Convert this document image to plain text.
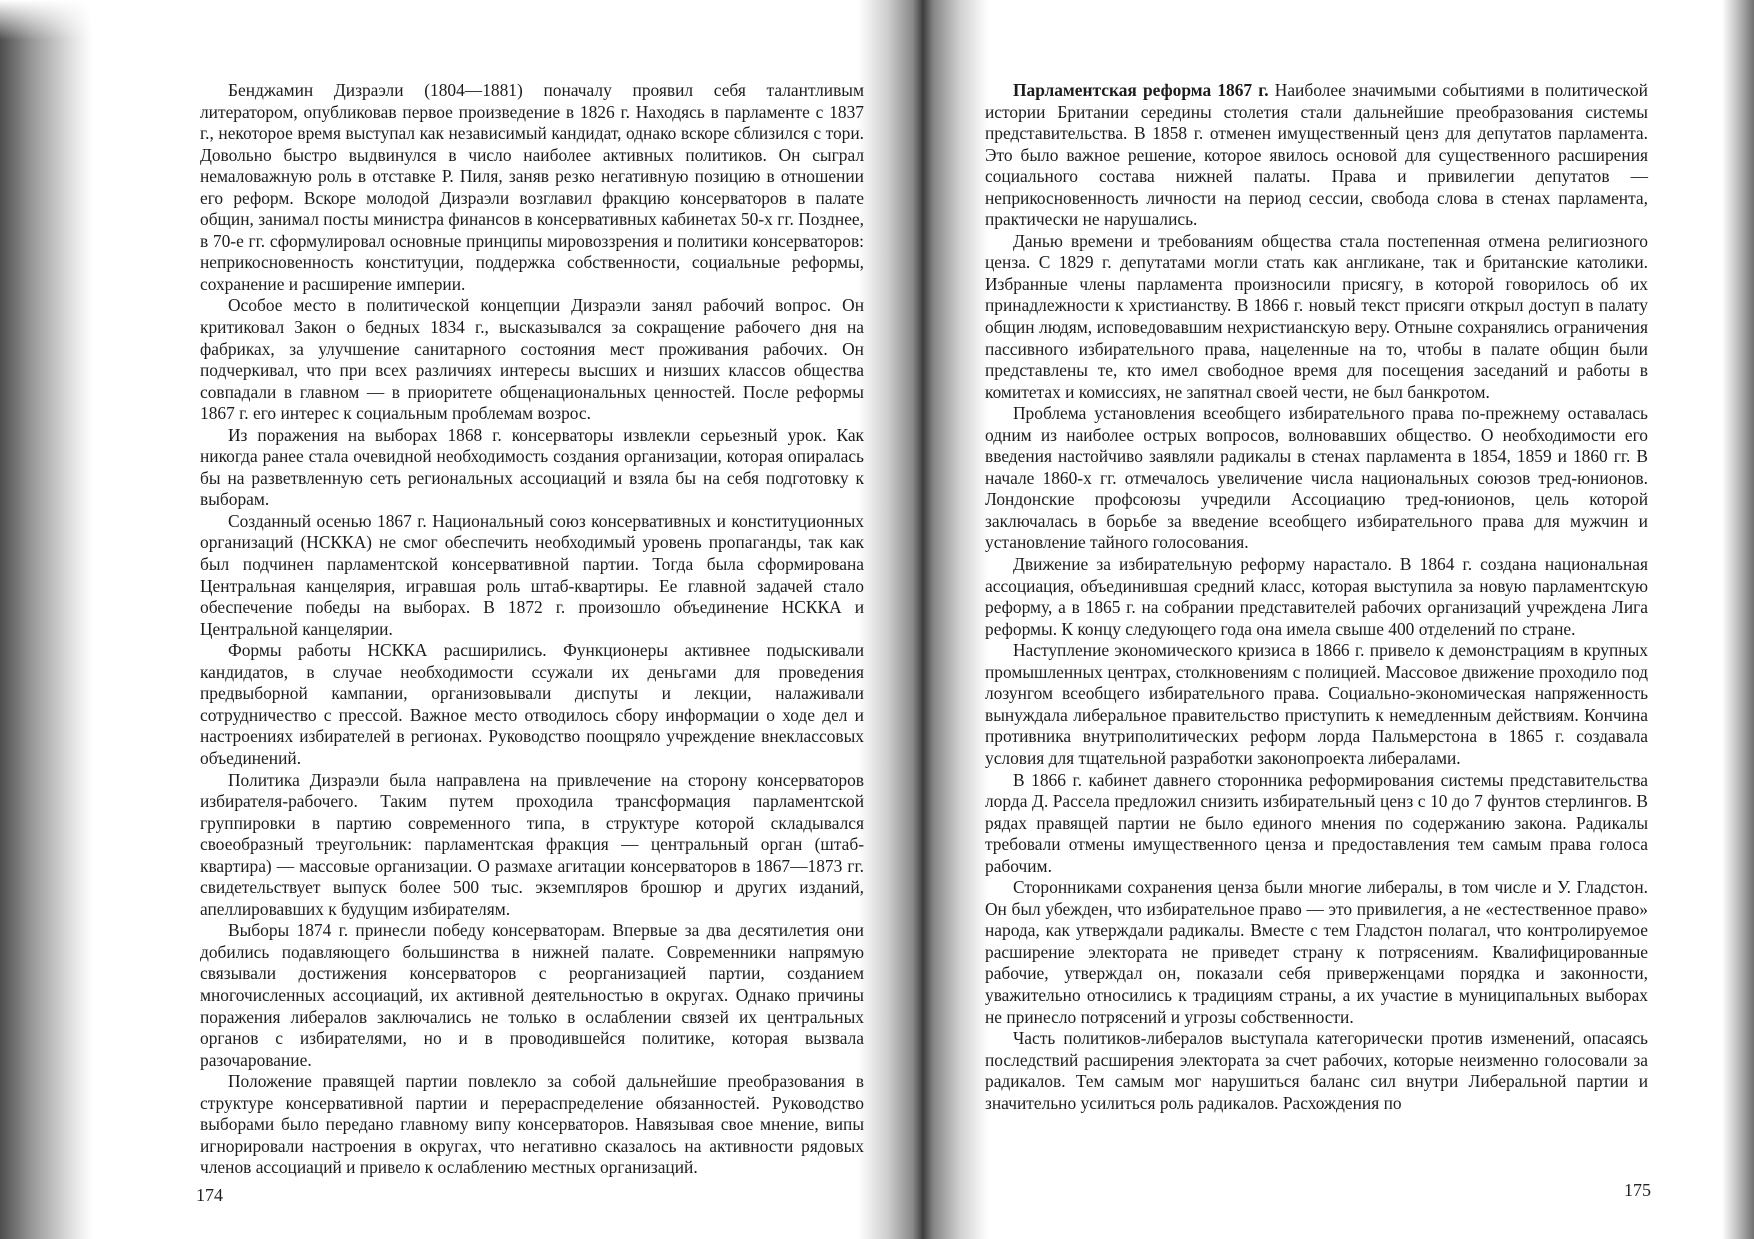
Бенджамин Дизраэли (1804—1881) поначалу проявил себя талантливым литератором, опубликовав первое произведение в 1826 г. Находясь в парламенте с 1837 г., некоторое время выступал как независимый кандидат, однако вскоре сблизился с тори. Довольно быстро выдвинулся в число наиболее активных политиков. Он сыграл немаловажную роль в отставке Р. Пиля, заняв резко негативную позицию в отношении его реформ. Вскоре молодой Дизраэли возглавил фракцию консерваторов в палате общин, занимал посты министра финансов в консервативных кабинетах 50-х гг. Позднее, в 70-е гг. сформулировал основные принципы мировоззрения и политики консерваторов: неприкосновенность конституции, поддержка собственности, социальные реформы, сохранение и расширение империи.

Особое место в политической концепции Дизраэли занял рабочий вопрос. Он критиковал Закон о бедных 1834 г., высказывался за сокращение рабочего дня на фабриках, за улучшение санитарного состояния мест проживания рабочих. Он подчеркивал, что при всех различиях интересы высших и низших классов общества совпадали в главном — в приоритете общенациональных ценностей. После реформы 1867 г. его интерес к социальным проблемам возрос.

Из поражения на выборах 1868 г. консерваторы извлекли серьезный урок. Как никогда ранее стала очевидной необходимость создания организации, которая опиралась бы на разветвленную сеть региональных ассоциаций и взяла бы на себя подготовку к выборам.

Созданный осенью 1867 г. Национальный союз консервативных и конституционных организаций (НСККА) не смог обеспечить необходимый уровень пропаганды, так как был подчинен парламентской консервативной партии. Тогда была сформирована Центральная канцелярия, игравшая роль штаб-квартиры. Ее главной задачей стало обеспечение победы на выборах. В 1872 г. произошло объединение НСККА и Центральной канцелярии.

Формы работы НСККА расширились. Функционеры активнее подыскивали кандидатов, в случае необходимости ссужали их деньгами для проведения предвыборной кампании, организовывали диспуты и лекции, налаживали сотрудничество с прессой. Важное место отводилось сбору информации о ходе дел и настроениях избирателей в регионах. Руководство поощряло учреждение внеклассовых объединений.

Политика Дизраэли была направлена на привлечение на сторону консерваторов избирателя-рабочего. Таким путем проходила трансформация парламентской группировки в партию современного типа, в структуре которой складывался своеобразный треугольник: парламентская фракция — центральный орган (штаб-квартира) — массовые организации. О размахе агитации консерваторов в 1867—1873 гг. свидетельствует выпуск более 500 тыс. экземпляров брошюр и других изданий, апеллировавших к будущим избирателям.

Выборы 1874 г. принесли победу консерваторам. Впервые за два десятилетия они добились подавляющего большинства в нижней палате. Современники напрямую связывали достижения консерваторов с реорганизацией партии, созданием многочисленных ассоциаций, их активной деятельностью в округах. Однако причины поражения либералов заключались не только в ослаблении связей их центральных органов с избирателями, но и в проводившейся политике, которая вызвала разочарование.

Положение правящей партии повлекло за собой дальнейшие преобразования в структуре консервативной партии и перераспределение обязанностей. Руководство выборами было передано главному випу консерваторов. Навязывая свое мнение, випы игнорировали настроения в округах, что негативно сказалось на активности рядовых членов ассоциаций и привело к ослаблению местных организаций.

Парламентская реформа 1867 г. Наиболее значимыми событиями в политической истории Британии середины столетия стали дальнейшие преобразования системы представительства. В 1858 г. отменен имущественный ценз для депутатов парламента. Это было важное решение, которое явилось основой для существенного расширения социального состава нижней палаты. Права и привилегии депутатов — неприкосновенность личности на период сессии, свобода слова в стенах парламента, практически не нарушались.

Данью времени и требованиям общества стала постепенная отмена религиозного ценза. С 1829 г. депутатами могли стать как англикане, так и британские католики. Избранные члены парламента произносили присягу, в которой говорилось об их принадлежности к христианству. В 1866 г. новый текст присяги открыл доступ в палату общин людям, исповедовавшим нехристианскую веру. Отныне сохранялись ограничения пассивного избирательного права, нацеленные на то, чтобы в палате общин были представлены те, кто имел свободное время для посещения заседаний и работы в комитетах и комиссиях, не запятнал своей чести, не был банкротом.

Проблема установления всеобщего избирательного права по-прежнему оставалась одним из наиболее острых вопросов, волновавших общество. О необходимости его введения настойчиво заявляли радикалы в стенах парламента в 1854, 1859 и 1860 гг. В начале 1860-х гг. отмечалось увеличение числа национальных союзов тред-юнионов. Лондонские профсоюзы учредили Ассоциацию тред-юнионов, цель которой заключалась в борьбе за введение всеобщего избирательного права для мужчин и установление тайного голосования.

Движение за избирательную реформу нарастало. В 1864 г. создана национальная ассоциация, объединившая средний класс, которая выступила за новую парламентскую реформу, а в 1865 г. на собрании представителей рабочих организаций учреждена Лига реформы. К концу следующего года она имела свыше 400 отделений по стране.

Наступление экономического кризиса в 1866 г. привело к демонстрациям в крупных промышленных центрах, столкновениям с полицией. Массовое движение проходило под лозунгом всеобщего избирательного права. Социально-экономическая напряженность вынуждала либеральное правительство приступить к немедленным действиям. Кончина противника внутриполитических реформ лорда Пальмерстона в 1865 г. создавала условия для тщательной разработки законопроекта либералами.

В 1866 г. кабинет давнего сторонника реформирования системы представительства лорда Д. Рассела предложил снизить избирательный ценз с 10 до 7 фунтов стерлингов. В рядах правящей партии не было единого мнения по содержанию закона. Радикалы требовали отмены имущественного ценза и предоставления тем самым права голоса рабочим.

Сторонниками сохранения ценза были многие либералы, в том числе и У. Гладстон. Он был убежден, что избирательное право — это привилегия, а не «естественное право» народа, как утверждали радикалы. Вместе с тем Гладстон полагал, что контролируемое расширение электората не приведет страну к потрясениям. Квалифицированные рабочие, утверждал он, показали себя приверженцами порядка и законности, уважительно относились к традициям страны, а их участие в муниципальных выборах не принесло потрясений и угрозы собственности.

Часть политиков-либералов выступала категорически против изменений, опасаясь последствий расширения электората за счет рабочих, которые неизменно голосовали за радикалов. Тем самым мог нарушиться баланс сил внутри Либеральной партии и значительно усилиться роль радикалов. Расхождения по

174	175
